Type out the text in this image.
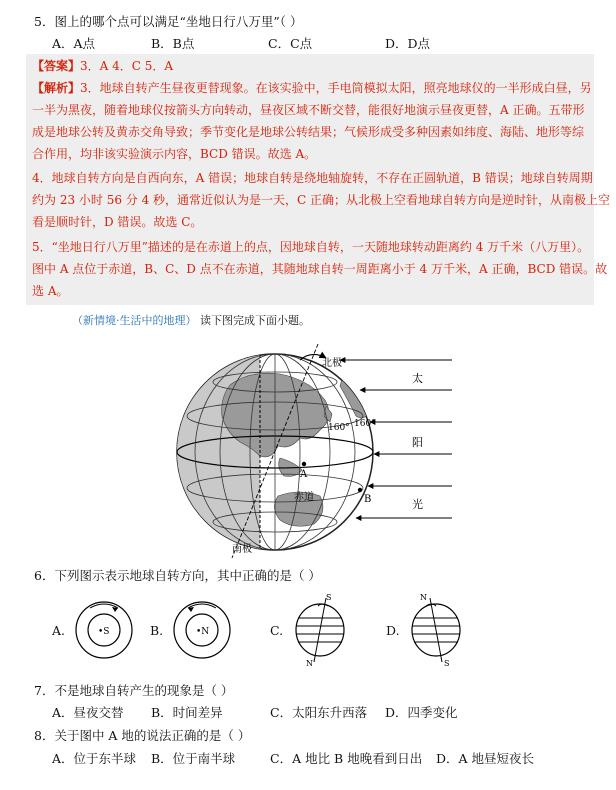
5．图上的哪个点可以满足“坐地日行八万里”（ ）
A．A点	B．B点	C．C点	D．D点
【答案】3．A 4．C 5．A
【解析】3．地球自转产生昼夜更替现象。在该实验中，手电筒模拟太阳，照亮地球仪的一半形成白昼，另
一半为黑夜，随着地球仪按箭头方向转动，昼夜区域不断交替，能很好地演示昼夜更替，A 正确。五带形
成是地球公转及黄赤交角导致；季节变化是地球公转结果；气候形成受多种因素如纬度、海陆、地形等综
合作用，均非该实验演示内容，BCD 错误。故选 A。
4．地球自转方向是自西向东，A 错误；地球自转是绕地轴旋转，不存在正圆轨道，B 错误；地球自转周期
约为 23 小时 56 分 4 秒，通常近似认为是一天，C 正确；从北极上空看地球自转方向是逆时针，从南极上空
看是顺时针，D 错误。故选 C。
5．“坐地日行八万里”描述的是在赤道上的点，因地球自转，一天随地球转动距离约 4 万千米（八万里）。
图中 A 点位于赤道，B、C、D 点不在赤道，其随地球自转一周距离小于 4 万千米，A 正确，BCD 错误。故
选 A。
（新情境·生活中的地理） 读下图完成下面小题。
北极
南极
赤道
160° 160°
A
B
太
阳
光
6．下列图示表示地球自转方向，其中正确的是（ ）
A.	•S	B.	•N	C.
S
N
D.
N
S
7．不是地球自转产生的现象是（ ）
A．昼夜交替 B．时间差异	C．太阳东升西落 D．四季变化
8．关于图中 A 地的说法正确的是（ ）
A．位于东半球 B．位于南半球	C．A 地比 B 地晚看到日出 D．A 地昼短夜长
